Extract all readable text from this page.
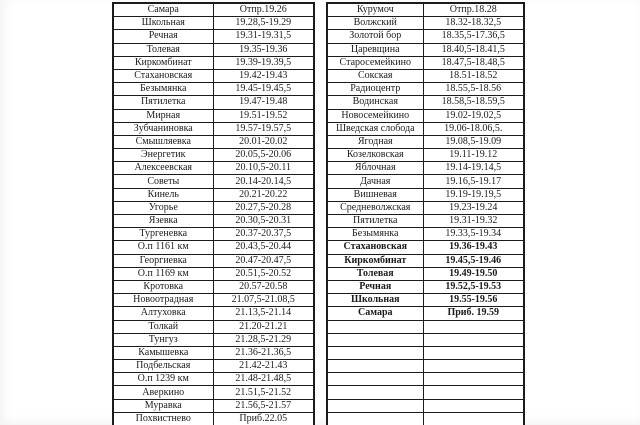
Самара	Отпр.19.26
Школьная	19.28,5-19.29
Речная	19.31-19.31,5
Толевая	19.35-19.36
Киркомбинат	19.39-19.39,5
Стахановская	19.42-19.43
Безымянка	19.45-19.45,5
Пятилетка	19.47-19.48
Мирная	19.51-19.52
Зубчаниновка	19.57-19.57,5
Смышляевка	20.01-20.02
Энергетик	20.05,5-20.06
Алексеевская	20.10,5-20.11
Советы	20.14-20.14,5
Кинель	20.21-20.22
Угорье	20.27,5-20.28
Язевка	20.30,5-20.31
Тургеневка	20.37-20.37,5
О.п 1161 км	20.43,5-20.44
Георгиевка	20.47-20.47,5
О.п 1169 км	20.51,5-20.52
Кротовка	20.57-20.58
Новоотрадная	21.07,5-21.08,5
Алтуховка	21.13,5-21.14
Толкай	21.20-21.21
Тунгуз	21.28,5-21.29
Камышевка	21.36-21.36,5
Подбельская	21.42-21.43
О.п 1239 км	21.48-21.48,5
Аверкино	21.51,5-21.52
Муравка	21.56,5-21.57
Похвистнево	Приб.22.05
Курумоч	Отпр.18.28
Волжский	18.32-18.32,5
Золотой бор	18.35,5-17.36,5
Царевщина	18.40,5-18.41,5
Старосемейкино	18.47,5-18.48,5
Сокская	18.51-18.52
Радиоцентр	18.55,5-18.56
Водинская	18.58,5-18.59,5
Новосемейкино	19.02-19.02,5
Шведская слобода	19.06-18.06,5.
Ягодная	19.08,5-19.09
Козелковская	19.11-19.12
Яблочная	19.14-19.14,5
Дачная	19.16,5-19.17
Вишневая	19.19-19.19,5
Средневолжская	19.23-19.24
Пятилетка	19.31-19.32
Безымянка	19.33,5-19.34
Стахановская	19.36-19.43
Киркомбинат	19.45,5-19.46
Толевая	19.49-19.50
Речная	19.52,5-19.53
Школьная	19.55-19.56
Самара	Приб. 19.59
